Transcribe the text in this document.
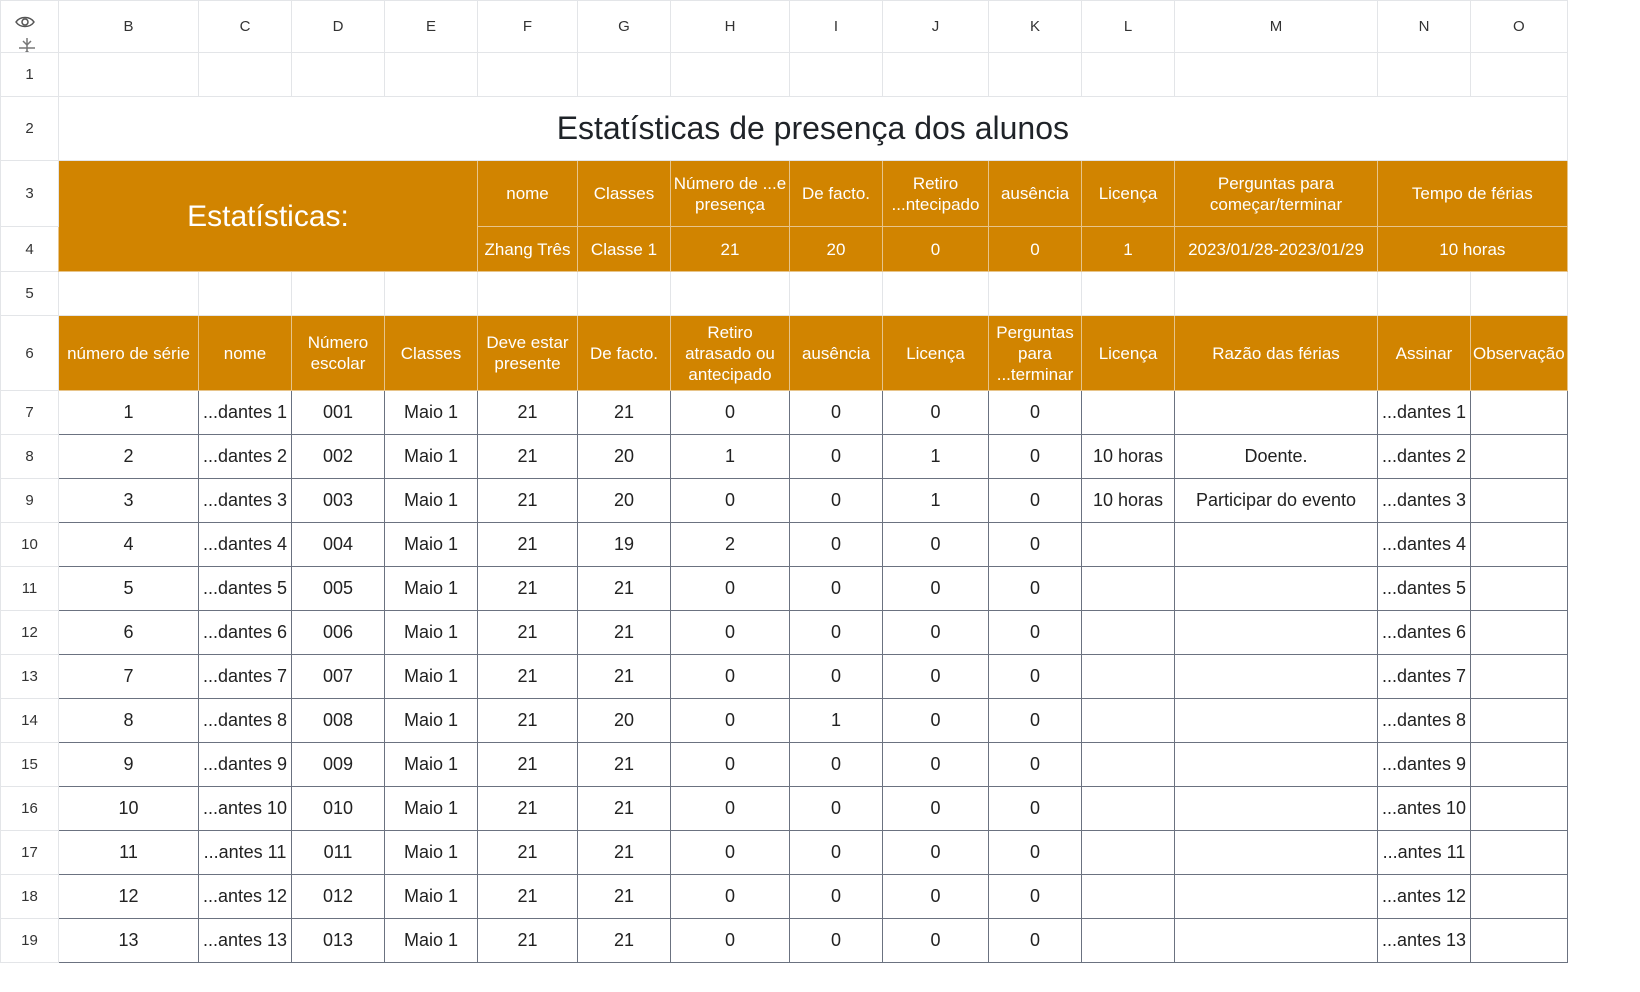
	B	C	D	E	F	G	H	I	J	K	L	M	N	O
1														
2	Estatísticas de presença dos alunos													
3	Estatísticas:				nome	Classes	Número de ...e presença	De facto.	Retiro ...ntecipado	ausência	Licença	Perguntas para começar/terminar	Tempo de férias	
4					Zhang Três	Classe 1	21	20	0	0	1	2023/01/28-2023/01/29	10 horas	
5														
6	número de série	nome	Número escolar	Classes	Deve estar presente	De facto.	Retiro atrasado ou antecipado	ausência	Licença	Perguntas para ...terminar	Licença	Razão das férias	Assinar	Observação
7	1	...dantes 1	001	Maio 1	21	21	0	0	0	0			...dantes 1	
8	2	...dantes 2	002	Maio 1	21	20	1	0	1	0	10 horas	Doente.	...dantes 2	
9	3	...dantes 3	003	Maio 1	21	20	0	0	1	0	10 horas	Participar do evento	...dantes 3	
10	4	...dantes 4	004	Maio 1	21	19	2	0	0	0			...dantes 4	
11	5	...dantes 5	005	Maio 1	21	21	0	0	0	0			...dantes 5	
12	6	...dantes 6	006	Maio 1	21	21	0	0	0	0			...dantes 6	
13	7	...dantes 7	007	Maio 1	21	21	0	0	0	0			...dantes 7	
14	8	...dantes 8	008	Maio 1	21	20	0	1	0	0			...dantes 8	
15	9	...dantes 9	009	Maio 1	21	21	0	0	0	0			...dantes 9	
16	10	...antes 10	010	Maio 1	21	21	0	0	0	0			...antes 10	
17	11	...antes 11	011	Maio 1	21	21	0	0	0	0			...antes 11	
18	12	...antes 12	012	Maio 1	21	21	0	0	0	0			...antes 12	
19	13	...antes 13	013	Maio 1	21	21	0	0	0	0			...antes 13	
